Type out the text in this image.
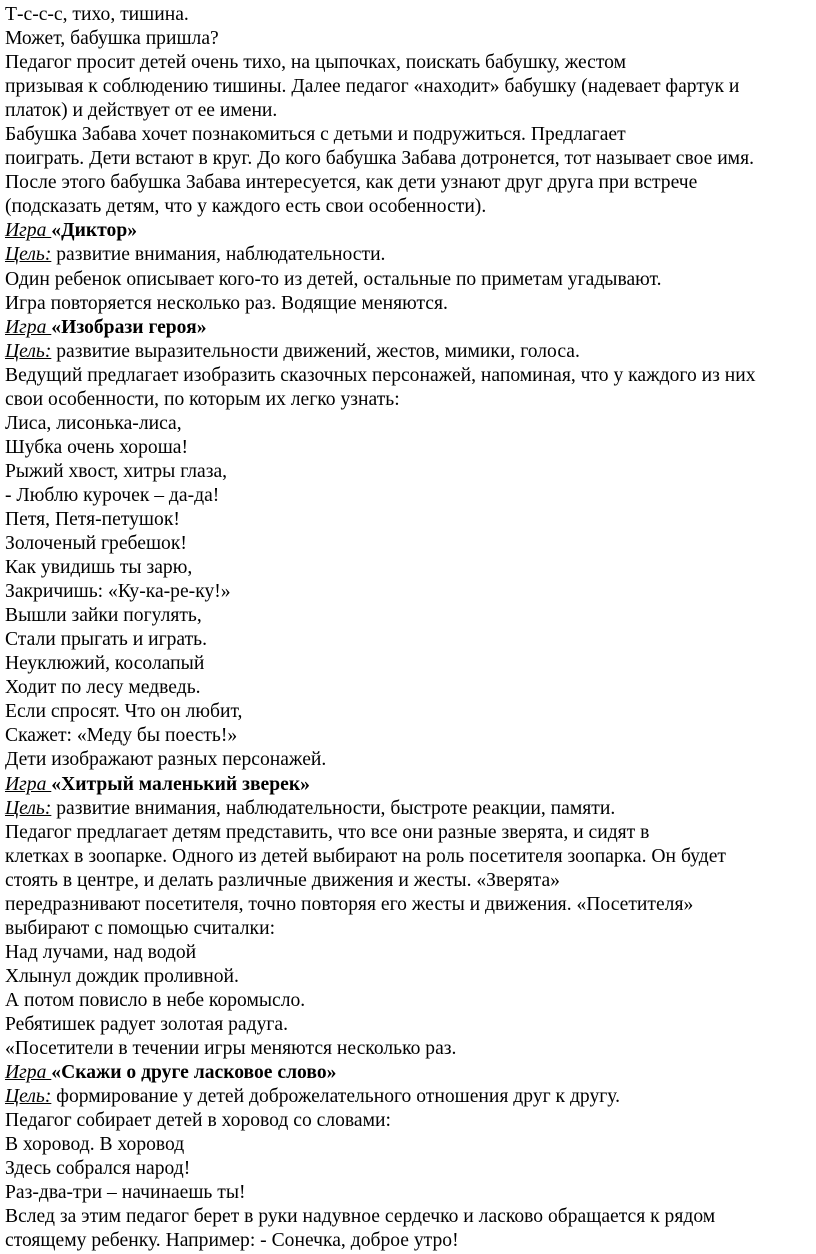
Т-с-с-с, тихо, тишина.
Может, бабушка пришла?
Педагог просит детей очень тихо, на цыпочках, поискать бабушку, жестом
призывая к соблюдению тишины. Далее педагог «находит» бабушку (надевает фартук и
платок) и действует от ее имени.
Бабушка Забава хочет познакомиться с детьми и подружиться. Предлагает
поиграть. Дети встают в круг. До кого бабушка Забава дотронется, тот называет свое имя.
После этого бабушка Забава интересуется, как дети узнают друг друга при встрече
(подсказать детям, что у каждого есть свои особенности).
Игра «Диктор»
Цель: развитие внимания, наблюдательности.
Один ребенок описывает кого-то из детей, остальные по приметам угадывают.
Игра повторяется несколько раз. Водящие меняются.
Игра «Изобрази героя»
Цель: развитие выразительности движений, жестов, мимики, голоса.
Ведущий предлагает изобразить сказочных персонажей, напоминая, что у каждого из них
свои особенности, по которым их легко узнать:
Лиса, лисонька-лиса,
Шубка очень хороша!
Рыжий хвост, хитры глаза,
- Люблю курочек – да-да!
Петя, Петя-петушок!
Золоченый гребешок!
Как увидишь ты зарю,
Закричишь: «Ку-ка-ре-ку!»
Вышли зайки погулять,
Стали прыгать и играть.
Неуклюжий, косолапый
Ходит по лесу медведь.
Если спросят. Что он любит,
Скажет: «Меду бы поесть!»
Дети изображают разных персонажей.
Игра «Хитрый маленький зверек»
Цель: развитие внимания, наблюдательности, быстроте реакции, памяти.
Педагог предлагает детям представить, что все они разные зверята, и сидят в
клетках в зоопарке. Одного из детей выбирают на роль посетителя зоопарка. Он будет
стоять в центре, и делать различные движения и жесты. «Зверята»
передразнивают посетителя, точно повторяя его жесты и движения. «Посетителя»
выбирают с помощью считалки:
Над лучами, над водой
Хлынул дождик проливной.
А потом повисло в небе коромысло.
Ребятишек радует золотая радуга.
«Посетители в течении игры меняются несколько раз.
Игра «Скажи о друге ласковое слово»
Цель: формирование у детей доброжелательного отношения друг к другу.
Педагог собирает детей в хоровод со словами:
В хоровод. В хоровод
Здесь собрался народ!
Раз-два-три – начинаешь ты!
Вслед за этим педагог берет в руки надувное сердечко и ласково обращается к рядом
стоящему ребенку. Например: - Сонечка, доброе утро!
